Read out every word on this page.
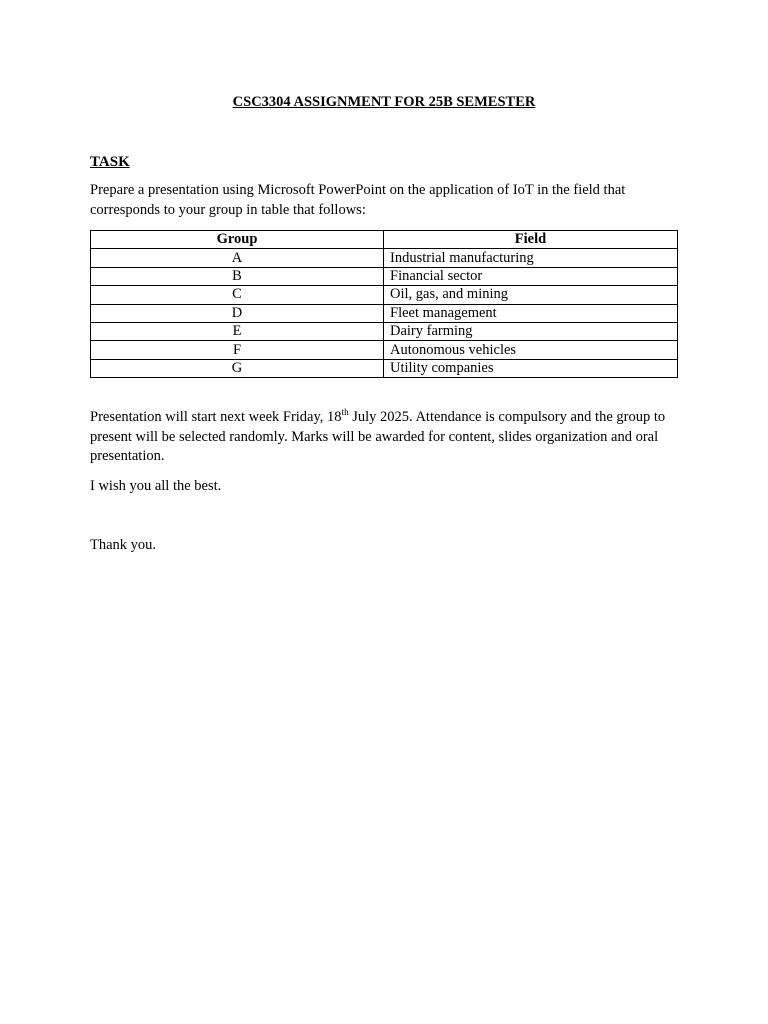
CSC3304 ASSIGNMENT FOR 25B SEMESTER
TASK
Prepare a presentation using Microsoft PowerPoint on the application of IoT in the field that corresponds to your group in table that follows:
Group	Field
A	Industrial manufacturing
B	Financial sector
C	Oil, gas, and mining
D	Fleet management
E	Dairy farming
F	Autonomous vehicles
G	Utility companies
Presentation will start next week Friday, 18th July 2025. Attendance is compulsory and the group to present will be selected randomly. Marks will be awarded for content, slides organization and oral presentation.
I wish you all the best.
Thank you.
